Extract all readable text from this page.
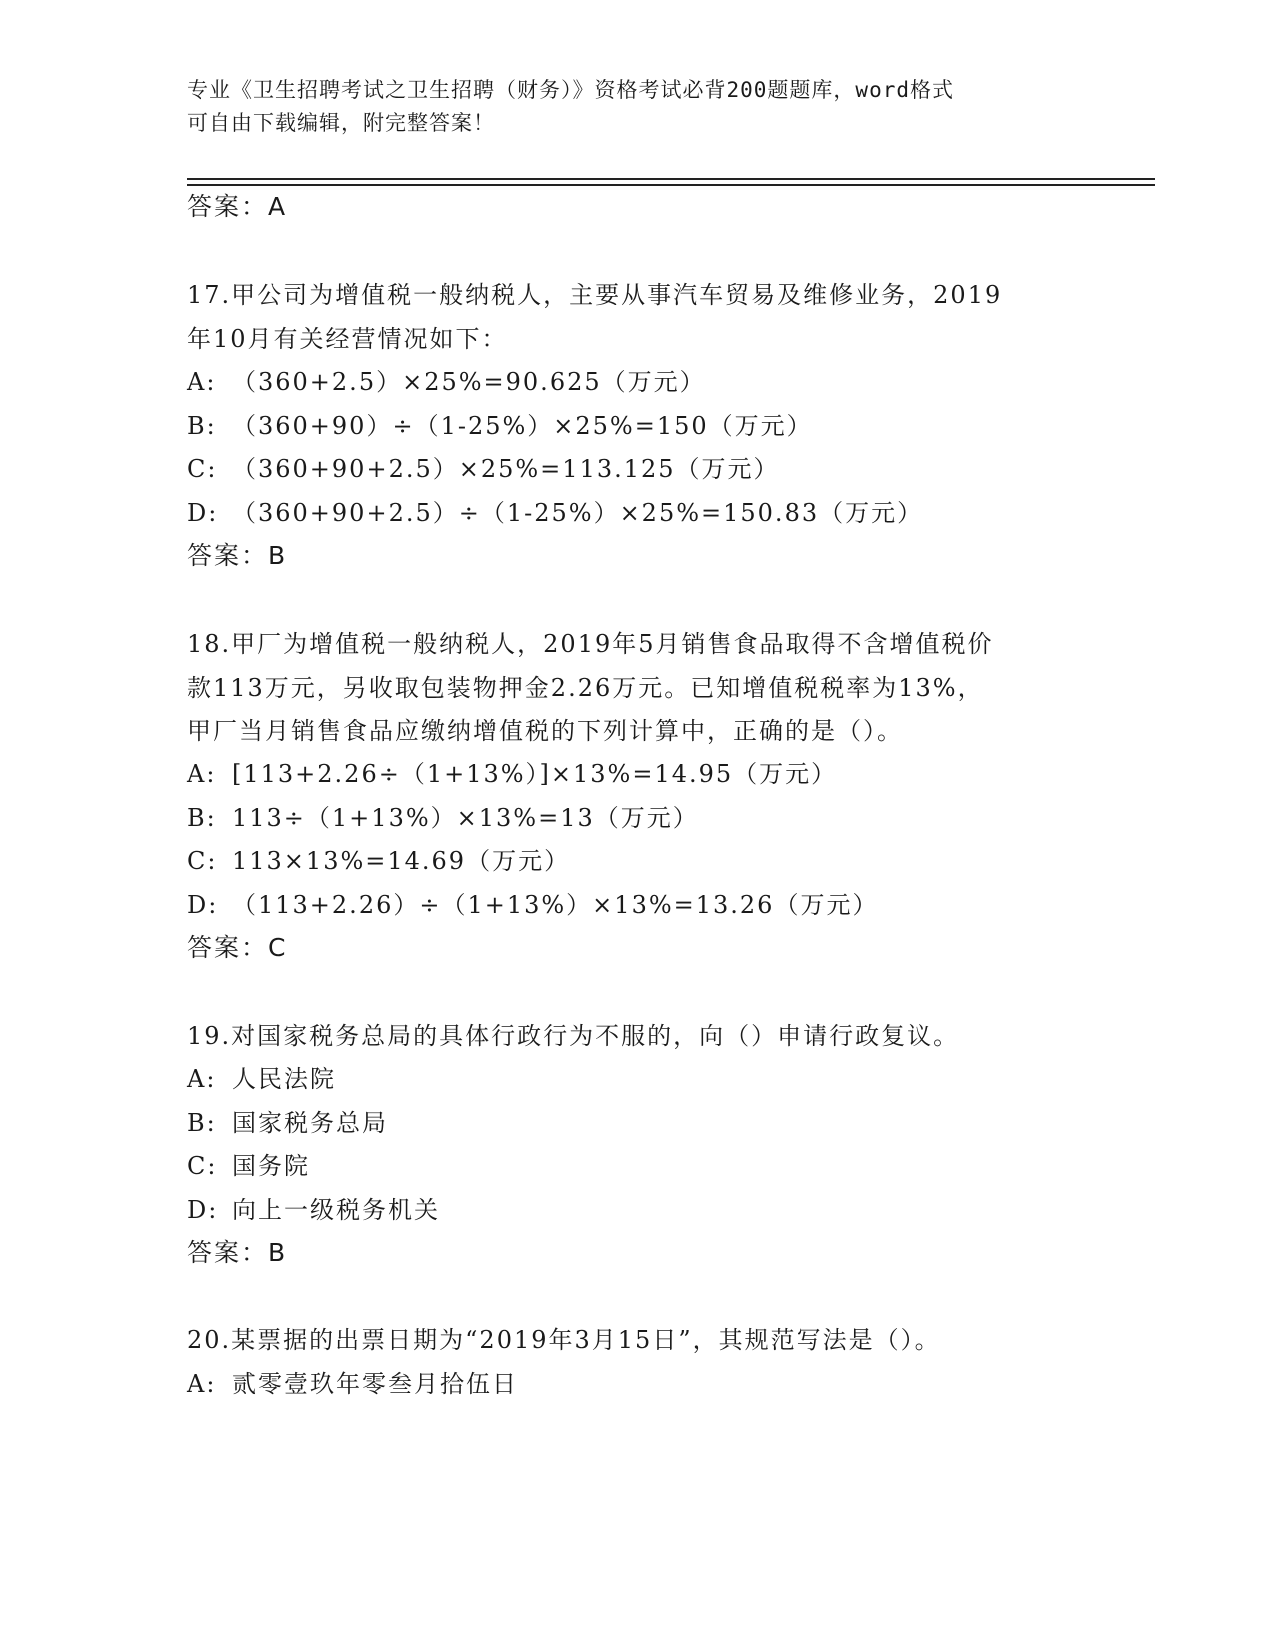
专业《卫生招聘考试之卫生招聘（财务）》资格考试必背200题题库，word格式
可自由下载编辑，附完整答案！
答案：A
17.甲公司为增值税一般纳税人，主要从事汽车贸易及维修业务，2019
年10月有关经营情况如下：
A: （360+2.5）×25%=90.625（万元）
B: （360+90）÷（1-25%）×25%=150（万元）
C: （360+90+2.5）×25%=113.125（万元）
D: （360+90+2.5）÷（1-25%）×25%=150.83（万元）
答案：B
18.甲厂为增值税一般纳税人，2019年5月销售食品取得不含增值税价
款113万元，另收取包装物押金2.26万元。已知增值税税率为13%，
甲厂当月销售食品应缴纳增值税的下列计算中，正确的是（）。
A: [113+2.26÷（1+13%）]×13%=14.95（万元）
B: 113÷（1+13%）×13%=13（万元）
C: 113×13%=14.69（万元）
D: （113+2.26）÷（1+13%）×13%=13.26（万元）
答案：C
19.对国家税务总局的具体行政行为不服的，向（）申请行政复议。
A: 人民法院
B: 国家税务总局
C: 国务院
D: 向上一级税务机关
答案：B
20.某票据的出票日期为“2019年3月15日”，其规范写法是（）。
A: 贰零壹玖年零叁月拾伍日
